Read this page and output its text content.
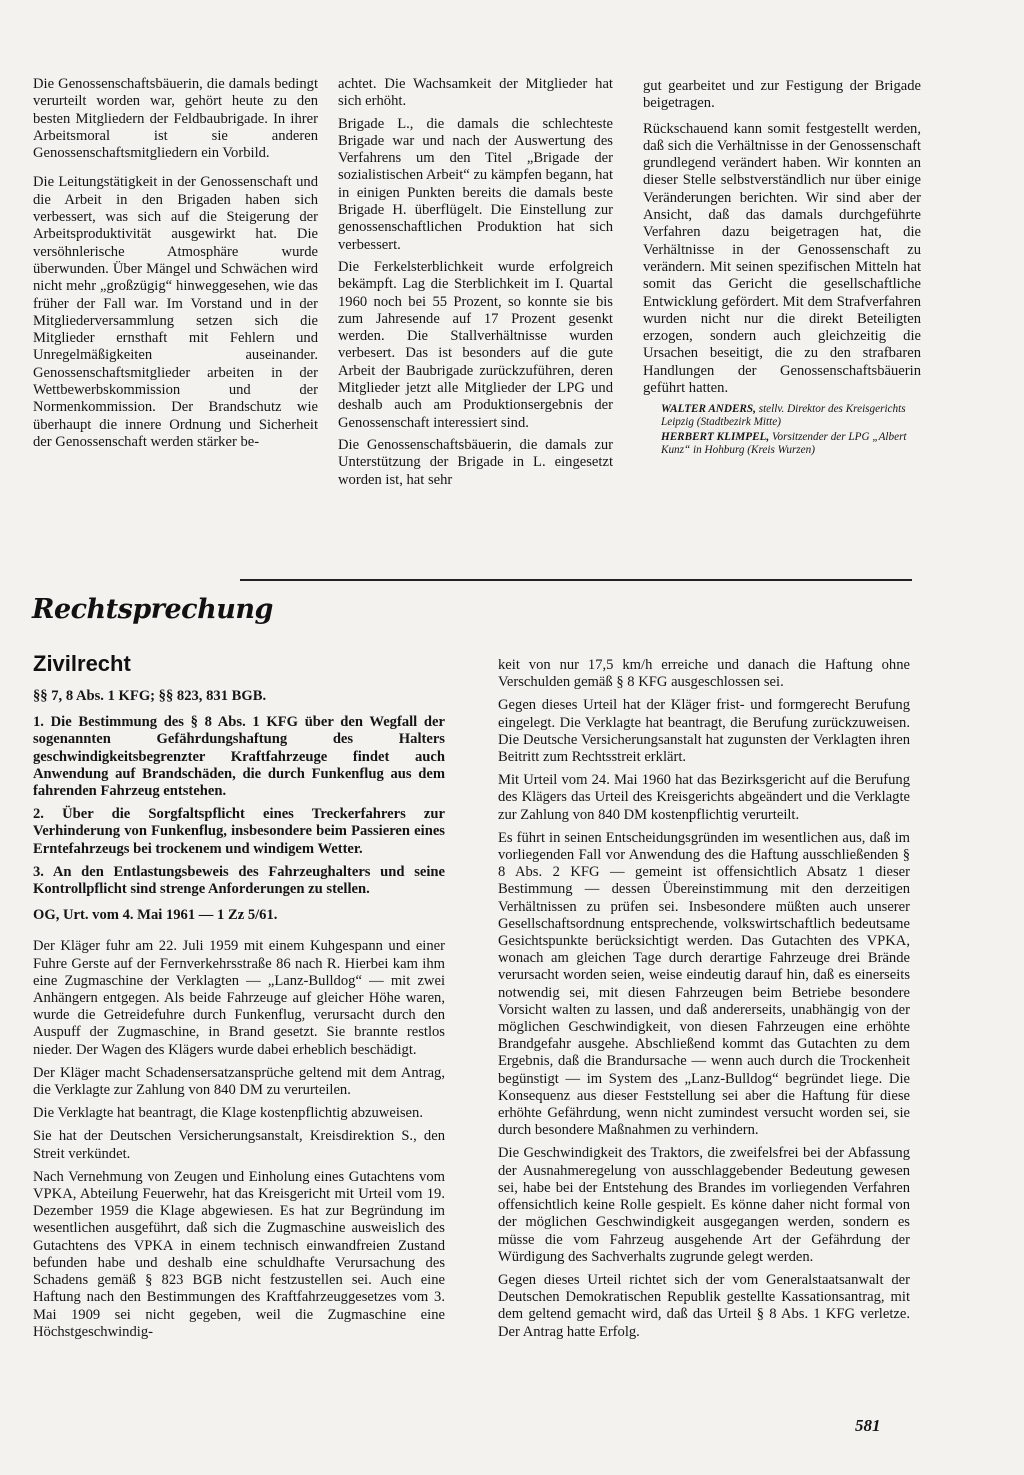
Die Genossenschaftsbäuerin, die damals bedingt verurteilt worden war, gehört heute zu den besten Mitgliedern der Feldbaubrigade. In ihrer Arbeitsmoral ist sie anderen Genossenschaftsmitgliedern ein Vorbild.

Die Leitungstätigkeit in der Genossenschaft und die Arbeit in den Brigaden haben sich verbessert, was sich auf die Steigerung der Arbeitsproduktivität ausgewirkt hat. Die versöhnlerische Atmosphäre wurde überwunden. Über Mängel und Schwächen wird nicht mehr „großzügig“ hinweggesehen, wie das früher der Fall war. Im Vorstand und in der Mitgliederversammlung setzen sich die Mitglieder ernsthaft mit Fehlern und Unregelmäßigkeiten auseinander. Genossenschaftsmitglieder arbeiten in der Wettbewerbskommission und der Normenkommission. Der Brandschutz wie überhaupt die innere Ordnung und Sicherheit der Genossenschaft werden stärker be-

achtet. Die Wachsamkeit der Mitglieder hat sich erhöht.

Brigade L., die damals die schlechteste Brigade war und nach der Auswertung des Verfahrens um den Titel „Brigade der sozialistischen Arbeit“ zu kämpfen begann, hat in einigen Punkten bereits die damals beste Brigade H. überflügelt. Die Einstellung zur genossenschaftlichen Produktion hat sich verbessert.

Die Ferkelsterblichkeit wurde erfolgreich bekämpft. Lag die Sterblichkeit im I. Quartal 1960 noch bei 55 Prozent, so konnte sie bis zum Jahresende auf 17 Prozent gesenkt werden. Die Stallverhältnisse wurden verbesert. Das ist besonders auf die gute Arbeit der Baubrigade zurückzuführen, deren Mitglieder jetzt alle Mitglieder der LPG und deshalb auch am Produktionsergebnis der Genossenschaft interessiert sind.

Die Genossenschaftsbäuerin, die damals zur Unterstützung der Brigade in L. eingesetzt worden ist, hat sehr

gut gearbeitet und zur Festigung der Brigade beigetragen.

Rückschauend kann somit festgestellt werden, daß sich die Verhältnisse in der Genossenschaft grundlegend verändert haben. Wir konnten an dieser Stelle selbstverständlich nur über einige Veränderungen berichten. Wir sind aber der Ansicht, daß das damals durchgeführte Verfahren dazu beigetragen hat, die Verhältnisse in der Genossenschaft zu verändern. Mit seinen spezifischen Mitteln hat somit das Gericht die gesellschaftliche Entwicklung gefördert. Mit dem Strafverfahren wurden nicht nur die direkt Beteiligten erzogen, sondern auch gleichzeitig die Ursachen beseitigt, die zu den strafbaren Handlungen der Genossenschaftsbäuerin geführt hatten.

WALTER ANDERS, stellv. Direktor des Kreisgerichts Leipzig (Stadtbezirk Mitte)
HERBERT KLIMPEL, Vorsitzender der LPG „Albert Kunz“ in Hohburg (Kreis Wurzen)
Rechtsprechung
Zivilrecht

§§ 7, 8 Abs. 1 KFG; §§ 823, 831 BGB.

1. Die Bestimmung des § 8 Abs. 1 KFG über den Wegfall der sogenannten Gefährdungshaftung des Halters geschwindigkeitsbegrenzter Kraftfahrzeuge findet auch Anwendung auf Brandschäden, die durch Funkenflug aus dem fahrenden Fahrzeug entstehen.

2. Über die Sorgfaltspflicht eines Treckerfahrers zur Verhinderung von Funkenflug, insbesondere beim Passieren eines Erntefahrzeugs bei trockenem und windigem Wetter.

3. An den Entlastungsbeweis des Fahrzeughalters und seine Kontrollpflicht sind strenge Anforderungen zu stellen.

OG, Urt. vom 4. Mai 1961 — 1 Zz 5/61.

Der Kläger fuhr am 22. Juli 1959 mit einem Kuhgespann und einer Fuhre Gerste auf der Fernverkehrsstraße 86 nach R. Hierbei kam ihm eine Zugmaschine der Verklagten — „Lanz-Bulldog“ — mit zwei Anhängern entgegen. Als beide Fahrzeuge auf gleicher Höhe waren, wurde die Getreidefuhre durch Funkenflug, verursacht durch den Auspuff der Zugmaschine, in Brand gesetzt. Sie brannte restlos nieder. Der Wagen des Klägers wurde dabei erheblich beschädigt.

Der Kläger macht Schadensersatzansprüche geltend mit dem Antrag, die Verklagte zur Zahlung von 840 DM zu verurteilen.

Die Verklagte hat beantragt, die Klage kostenpflichtig abzuweisen.

Sie hat der Deutschen Versicherungsanstalt, Kreisdirektion S., den Streit verkündet.

Nach Vernehmung von Zeugen und Einholung eines Gutachtens vom VPKA, Abteilung Feuerwehr, hat das Kreisgericht mit Urteil vom 19. Dezember 1959 die Klage abgewiesen. Es hat zur Begründung im wesentlichen ausgeführt, daß sich die Zugmaschine ausweislich des Gutachtens des VPKA in einem technisch einwandfreien Zustand befunden habe und deshalb eine schuldhafte Verursachung des Schadens gemäß § 823 BGB nicht festzustellen sei. Auch eine Haftung nach den Bestimmungen des Kraftfahrzeuggesetzes vom 3. Mai 1909 sei nicht gegeben, weil die Zugmaschine eine Höchstgeschwindig-

keit von nur 17,5 km/h erreiche und danach die Haftung ohne Verschulden gemäß § 8 KFG ausgeschlossen sei.

Gegen dieses Urteil hat der Kläger frist- und formgerecht Berufung eingelegt. Die Verklagte hat beantragt, die Berufung zurückzuweisen. Die Deutsche Versicherungsanstalt hat zugunsten der Verklagten ihren Beitritt zum Rechtsstreit erklärt.

Mit Urteil vom 24. Mai 1960 hat das Bezirksgericht auf die Berufung des Klägers das Urteil des Kreisgerichts abgeändert und die Verklagte zur Zahlung von 840 DM kostenpflichtig verurteilt.

Es führt in seinen Entscheidungsgründen im wesentlichen aus, daß im vorliegenden Fall vor Anwendung des die Haftung ausschließenden § 8 Abs. 2 KFG — gemeint ist offensichtlich Absatz 1 dieser Bestimmung — dessen Übereinstimmung mit den derzeitigen Verhältnissen zu prüfen sei. Insbesondere müßten auch unserer Gesellschaftsordnung entsprechende, volkswirtschaftlich bedeutsame Gesichtspunkte berücksichtigt werden. Das Gutachten des VPKA, wonach am gleichen Tage durch derartige Fahrzeuge drei Brände verursacht worden seien, weise eindeutig darauf hin, daß es einerseits notwendig sei, mit diesen Fahrzeugen beim Betriebe besondere Vorsicht walten zu lassen, und daß andererseits, unabhängig von der möglichen Geschwindigkeit, von diesen Fahrzeugen eine erhöhte Brandgefahr ausgehe. Abschließend kommt das Gutachten zu dem Ergebnis, daß die Brandursache — wenn auch durch die Trockenheit begünstigt — im System des „Lanz-Bulldog“ begründet liege. Die Konsequenz aus dieser Feststellung sei aber die Haftung für diese erhöhte Gefährdung, wenn nicht zumindest versucht worden sei, sie durch besondere Maßnahmen zu verhindern.

Die Geschwindigkeit des Traktors, die zweifelsfrei bei der Abfassung der Ausnahmeregelung von ausschlaggebender Bedeutung gewesen sei, habe bei der Entstehung des Brandes im vorliegenden Verfahren offensichtlich keine Rolle gespielt. Es könne daher nicht formal von der möglichen Geschwindigkeit ausgegangen werden, sondern es müsse die vom Fahrzeug ausgehende Art der Gefährdung der Würdigung des Sachverhalts zugrunde gelegt werden.

Gegen dieses Urteil richtet sich der vom Generalstaatsanwalt der Deutschen Demokratischen Republik gestellte Kassationsantrag, mit dem geltend gemacht wird, daß das Urteil § 8 Abs. 1 KFG verletze. Der Antrag hatte Erfolg.

581
